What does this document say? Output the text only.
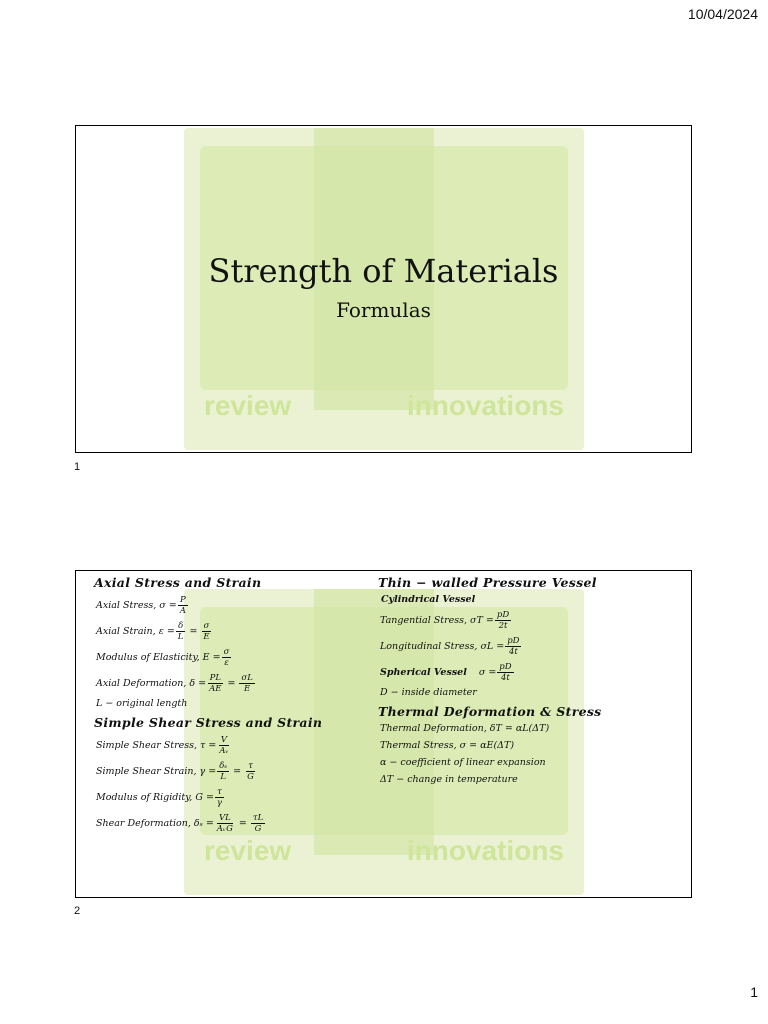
10/04/2024
review	innovations
Strength of Materials
Formulas
1
review	innovations
Axial Stress and Strain
Axial Stress, $\sigma = \frac{P}{A}$
Axial Strain, $\varepsilon = \frac{\delta}{L} = \frac{\sigma}{E}$
Modulus of Elasticity, $E = \frac{\sigma}{\varepsilon}$
Axial Deformation, $\delta = \frac{PL}{AE} = \frac{\sigma L}{E}$
L − original length
Simple Shear Stress and Strain
Simple Shear Stress, $\tau = \frac{V}{\text{Aᵥ}}$
Simple Shear Strain, $\gamma = \frac{\text{δₛ}}{L} = \frac{\tau}{G}$
Modulus of Rigidity, $G = \frac{\tau}{\gamma}$
Shear Deformation, $\delta_s = \frac{VL}{\text{AᵥG}} = \frac{\tau L}{G}$
Thin − walled Pressure Vessel
Cylindrical Vessel
Tangential Stress, $\sigma T = \frac{pD}{2t}$
Longitudinal Stress, $\sigma L = \frac{pD}{4t}$
Spherical Vessel $\sigma = \frac{pD}{4t}$
D − inside diameter
Thermal Deformation & Stress
Thermal Deformation, δT = αL(ΔT)
Thermal Stress, σ = αE(ΔT)
α − coefficient of linear expansion
ΔT − change in temperature
2
1
